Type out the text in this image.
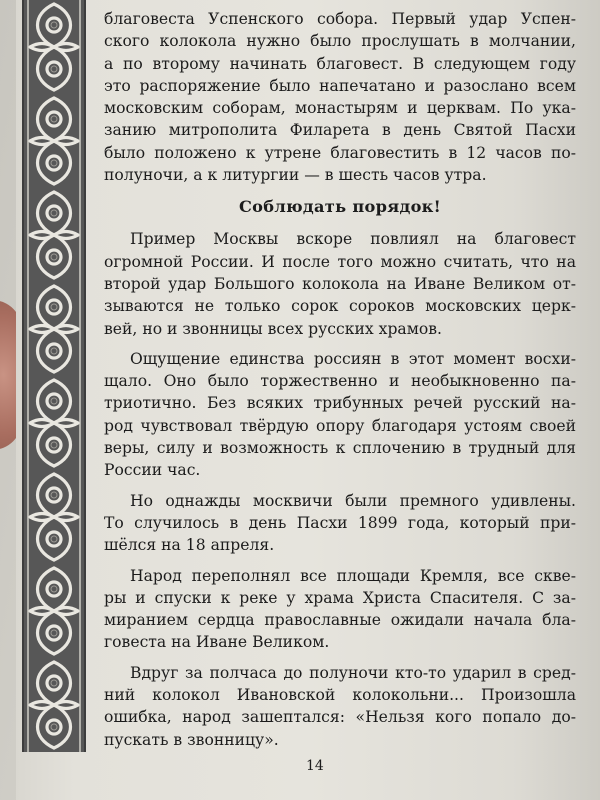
благовеста Успенского собора. Первый удар Успен-
ского колокола нужно было прослушать в молчании,
а по второму начинать благовест. В следующем году
это распоряжение было напечатано и разослано всем
московским соборам, монастырям и церквам. По ука-
занию митрополита Филарета в день Святой Пасхи
было положено к утрене благовестить в 12 часов по-
полуночи, а к литургии — в шесть часов утра.
Соблюдать порядок!
Пример Москвы вскоре повлиял на благовест
огромной России. И после того можно считать, что на
второй удар Большого колокола на Иване Великом от-
зываются не только сорок сороков московских церк-
вей, но и звонницы всех русских храмов.
Ощущение единства россиян в этот момент восхи-
щало. Оно было торжественно и необыкновенно па-
триотично. Без всяких трибунных речей русский на-
род чувствовал твёрдую опору благодаря устоям своей
веры, силу и возможность к сплочению в трудный для
России час.
Но однажды москвичи были премного удивлены.
То случилось в день Пасхи 1899 года, который при-
шёлся на 18 апреля.
Народ переполнял все площади Кремля, все скве-
ры и спуски к реке у храма Христа Спасителя. С за-
миранием сердца православные ожидали начала бла-
говеста на Иване Великом.
Вдруг за полчаса до полуночи кто-то ударил в сред-
ний колокол Ивановской колокольни... Произошла
ошибка, народ зашептался: «Нельзя кого попало до-
пускать в звонницу».
14
